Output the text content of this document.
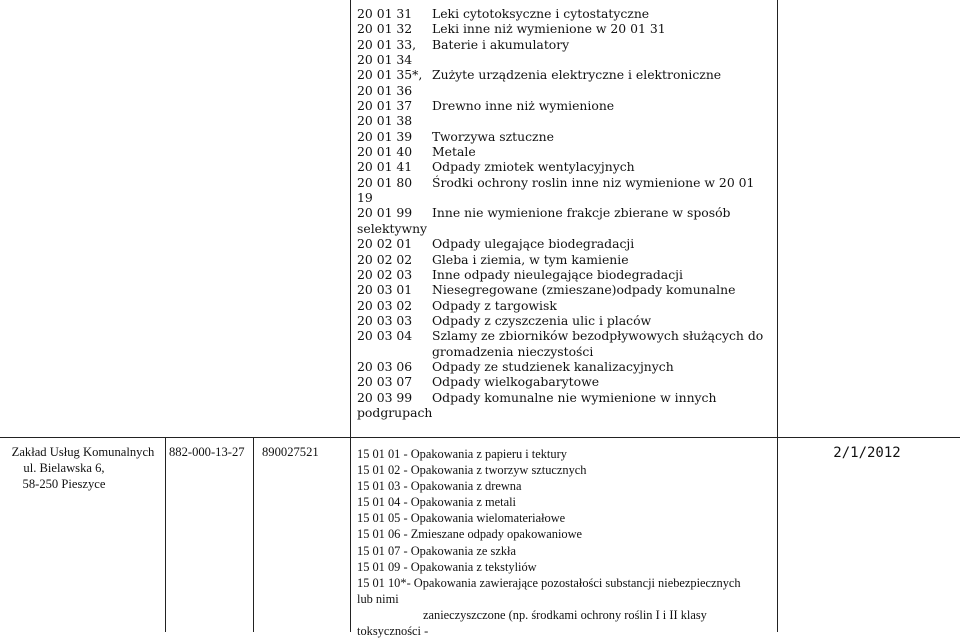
20 01 31 Leki cytotoksyczne i cytostatyczne
20 01 32 Leki inne niż wymienione w 20 01 31
20 01 33, Baterie i akumulatory
20 01 34
20 01 35*, Zużyte urządzenia elektryczne i elektroniczne
20 01 36
20 01 37 Drewno inne niż wymienione
20 01 38
20 01 39 Tworzywa sztuczne
20 01 40 Metale
20 01 41 Odpady zmiotek wentylacyjnych
20 01 80 Środki ochrony roslin inne niz wymienione w 20 01
19
20 01 99 Inne nie wymienione frakcje zbierane w sposób
selektywny
20 02 01 Odpady ulegające biodegradacji
20 02 02 Gleba i ziemia, w tym kamienie
20 02 03 Inne odpady nieulegające biodegradacji
20 03 01 Niesegregowane (zmieszane)odpady komunalne
20 03 02 Odpady z targowisk
20 03 03 Odpady z czyszczenia ulic i placów
20 03 04 Szlamy ze zbiorników bezodpływowych służących do
gromadzenia nieczystości
20 03 06 Odpady ze studzienek kanalizacyjnych
20 03 07 Odpady wielkogabarytowe
20 03 99 Odpady komunalne nie wymienione w innych
podgrupach
Zakład Usług Komunalnych
ul. Bielawska 6,
58-250 Pieszyce
882-000-13-27 890027521	15 01 01 - Opakowania z papieru i tektury
15 01 02 - Opakowania z tworzyw sztucznych
15 01 03 - Opakowania z drewna
15 01 04 - Opakowania z metali
15 01 05 - Opakowania wielomateriałowe
15 01 06 - Zmieszane odpady opakowaniowe
15 01 07 - Opakowania ze szkła
15 01 09 - Opakowania z tekstyliów
15 01 10*- Opakowania zawierające pozostałości substancji niebezpiecznych
lub nimi
zanieczyszczone (np. środkami ochrony roślin I i II klasy
toksyczności -
2/1/2012
